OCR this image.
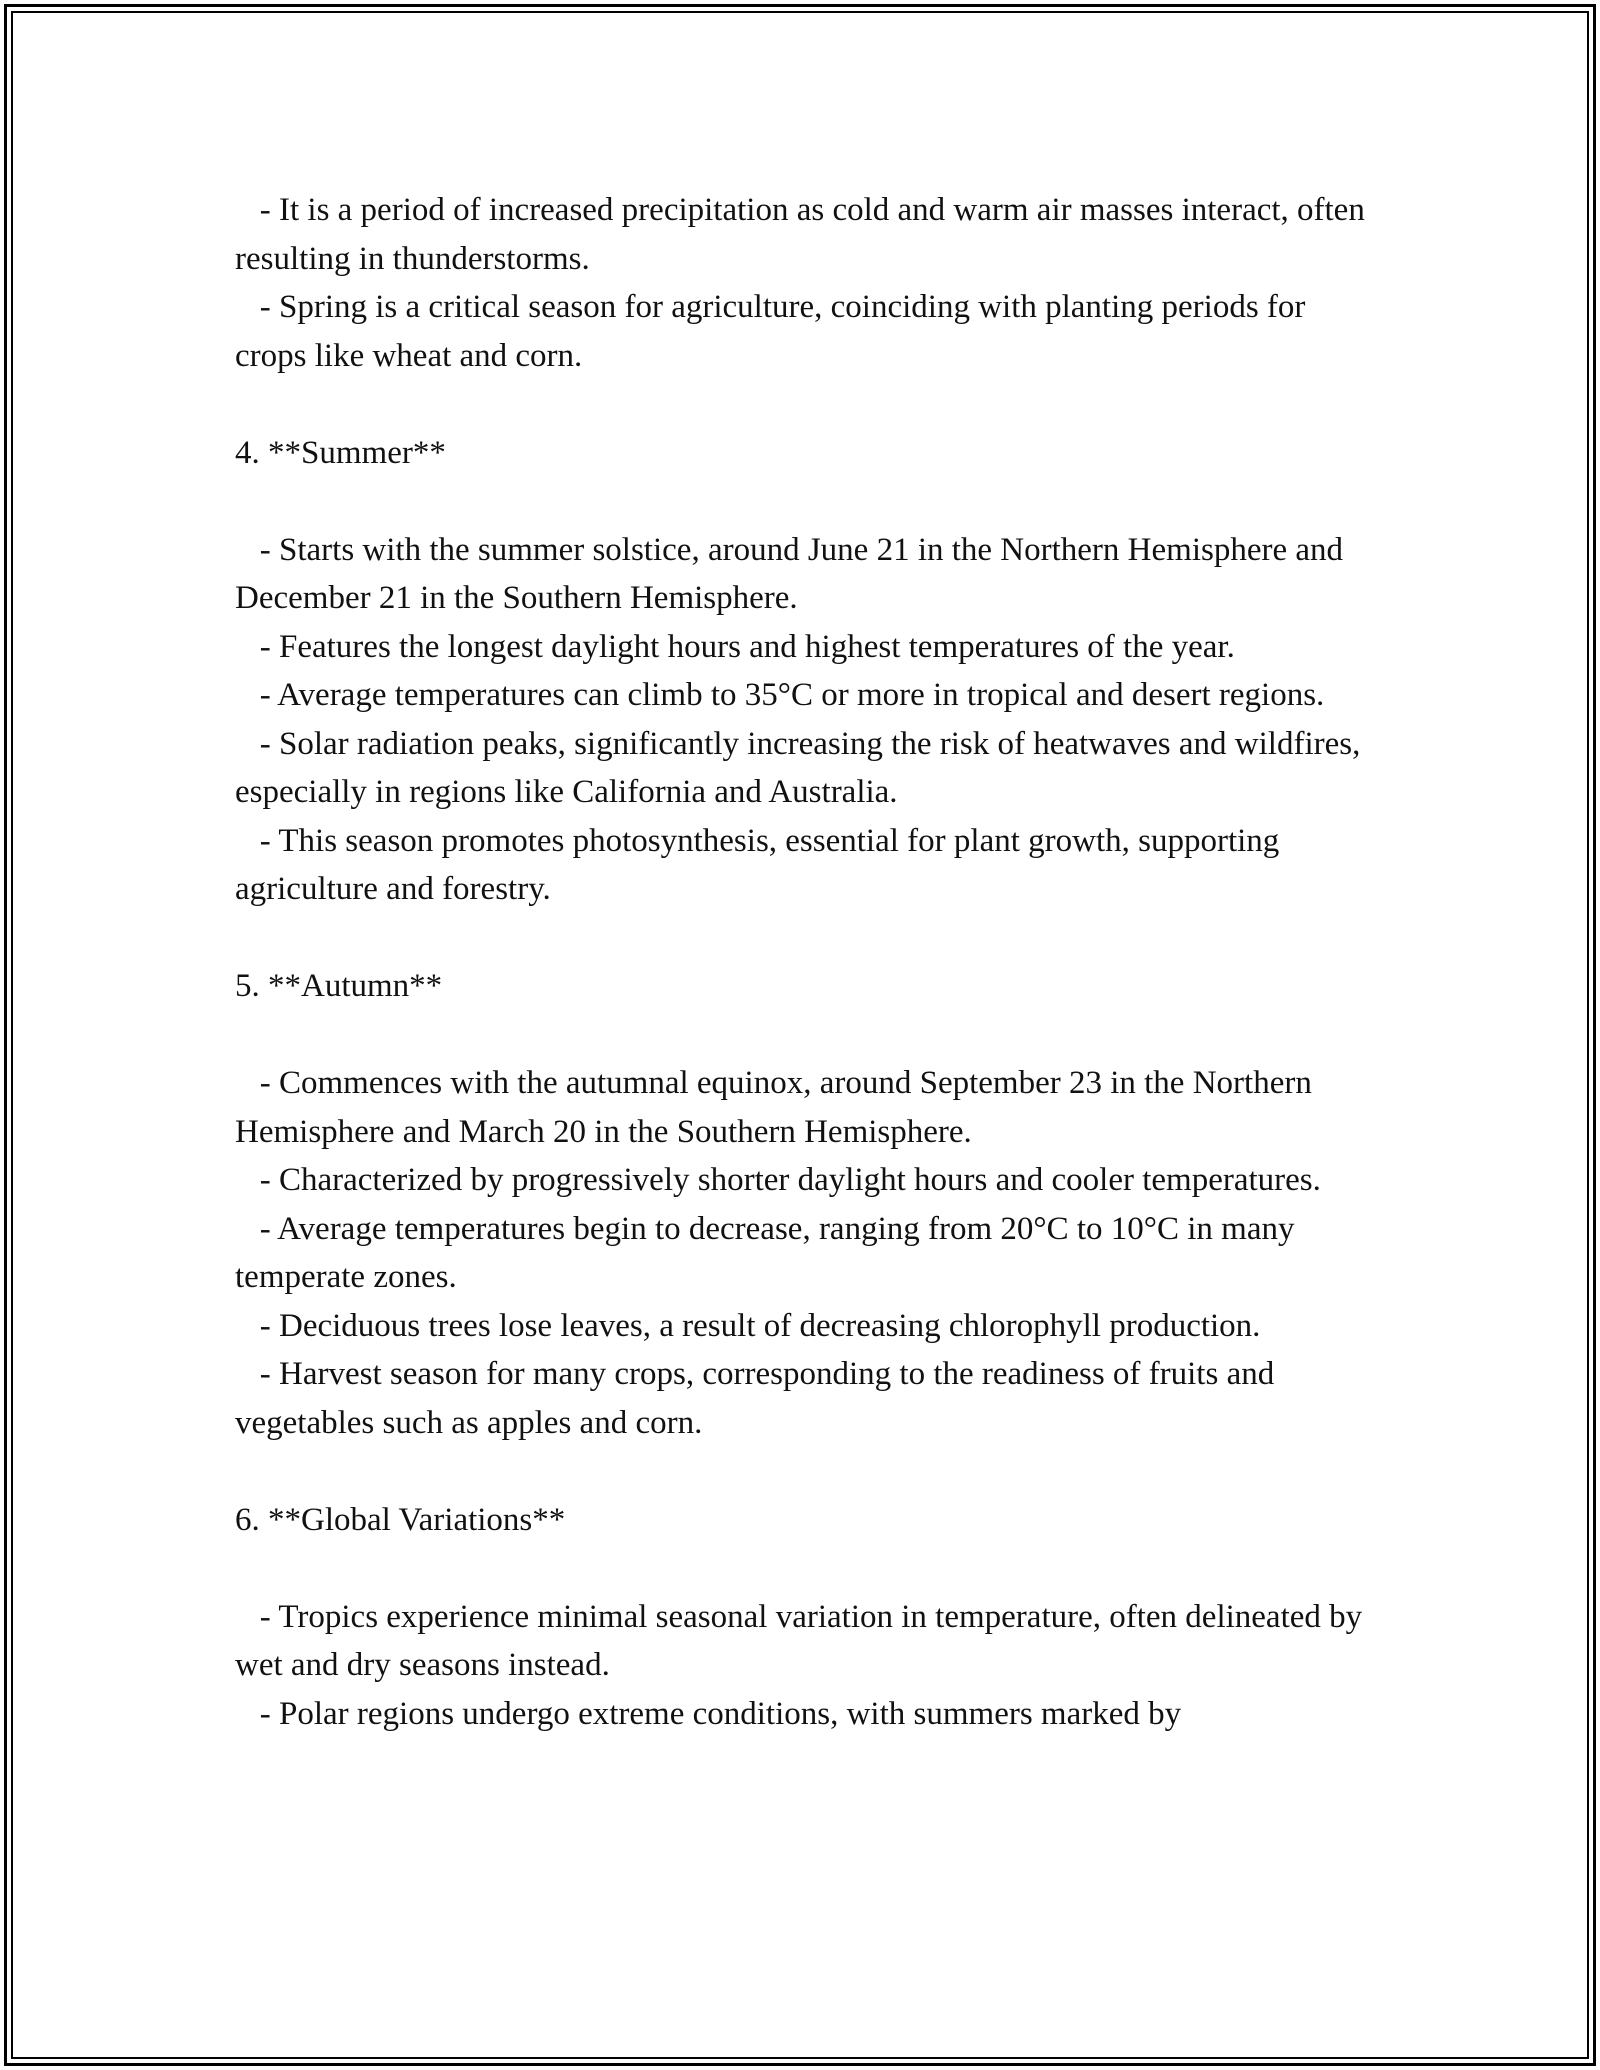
- It is a period of increased precipitation as cold and warm air masses interact, often resulting in thunderstorms.

- Spring is a critical season for agriculture, coinciding with planting periods for crops like wheat and corn.

4. **Summer**

- Starts with the summer solstice, around June 21 in the Northern Hemisphere and December 21 in the Southern Hemisphere.

- Features the longest daylight hours and highest temperatures of the year.

- Average temperatures can climb to 35°C or more in tropical and desert regions.

- Solar radiation peaks, significantly increasing the risk of heatwaves and wildfires, especially in regions like California and Australia.

- This season promotes photosynthesis, essential for plant growth, supporting agriculture and forestry.

5. **Autumn**

- Commences with the autumnal equinox, around September 23 in the Northern Hemisphere and March 20 in the Southern Hemisphere.

- Characterized by progressively shorter daylight hours and cooler temperatures.

- Average temperatures begin to decrease, ranging from 20°C to 10°C in many temperate zones.

- Deciduous trees lose leaves, a result of decreasing chlorophyll production.

- Harvest season for many crops, corresponding to the readiness of fruits and vegetables such as apples and corn.

6. **Global Variations**

- Tropics experience minimal seasonal variation in temperature, often delineated by wet and dry seasons instead.

- Polar regions undergo extreme conditions, with summers marked by
